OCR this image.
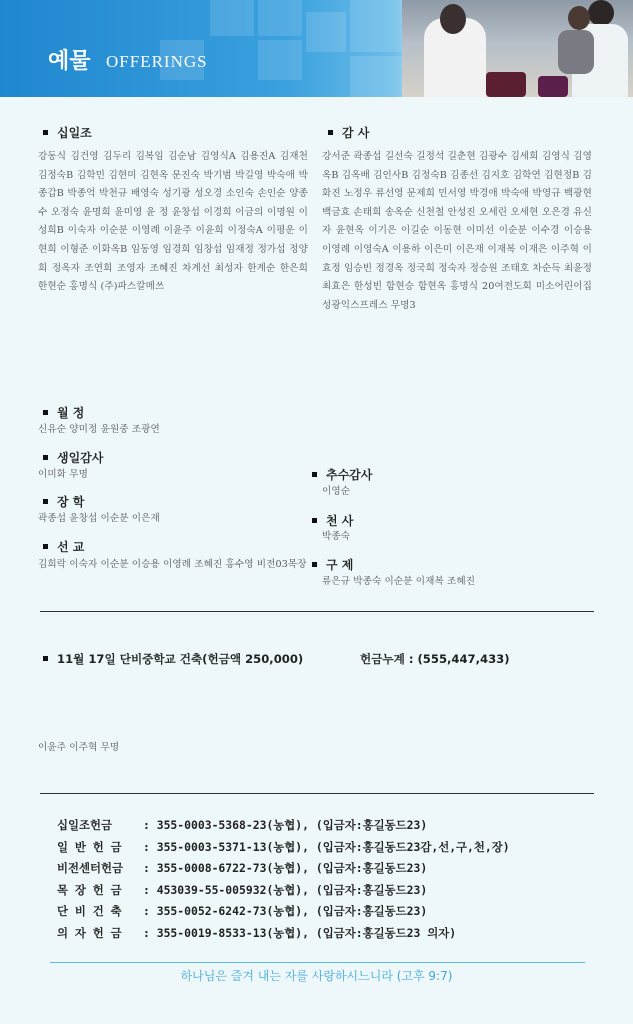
예물 OFFERINGS
십일조
강동식 김건영 김두리 김복임 김순남 김영식A 김용진A 김재천 김정숙B 김학민 김현미 김현옥 문진숙 박기범 박길영 박숙애 박종갑B 박종억 박천규 배영숙 성기광 성오경 소인숙 손인순 양종수 오정숙 윤명희 윤미영 윤 정 윤창섭 이경희 이금의 이명원 이성희B 이숙자 이순분 이영례 이윤주 이윤희 이정숙A 이평운 이현희 이형준 이화옥B 임동영 임경희 임창섭 임재정 정가섭 정양희 정옥자 조연희 조영자 조혜진 차계선 최성자 한계순 한은희 한현순 홍명식 (주)파스칼메쓰
감 사
강서준 곽종섭 길선숙 길정석 길춘현 김광수 김세희 김영식 김영옥B 김옥배 김인사B 김정숙B 김종선 김지호 김학연 김현정B 김화진 노정우 류선영 문제희 민서영 박경애 박숙애 박영규 백광현 백금효 손태희 송옥순 신천철 안성진 오세린 오세현 오은경 유신자 윤현옥 이기은 이길순 이동현 이미선 이순분 이수경 이승용 이영례 이영숙A 이용하 이은미 이은재 이재복 이재은 이주혁 이효정 임승빈 정경옥 정국희 정숙자 정승원 조태호 차순득 최윤정 최효은 한성빈 함현승 함현옥 홍명식 20여전도회 미소어린이집 성광익스프레스 무명3
월 정
신유순 양미정 윤원중 조광연
생일감사
이미화 무명
장 학
곽종섭 윤창섭 이순분 이은재
선 교
김희락 이숙자 이순분 이승용 이영례 조혜진 홍수영 비전03목장
추수감사
이영순
천 사
박종숙
구 제
류은규 박종숙 이순분 이재복 조혜진
11월 17일 단비중학교 건축(헌금액 250,000)	헌금누계 : (555,447,433)
이윤주 이주혁 무명
십일조헌금	: 355-0003-5368-23(농협), (입금자:홍길동드23)
일 반 헌 금 : 355-0003-5371-13(농협), (입금자:홍길동드23감,선,구,천,장)
비전센터헌금 : 355-0008-6722-73(농협), (입금자:홍길동드23)
목 장 헌 금 : 453039-55-005932(농협), (입금자:홍길동드23)
단 비 건 축 : 355-0052-6242-73(농협), (입금자:홍길동드23)
의 자 헌 금 : 355-0019-8533-13(농협), (입금자:홍길동드23 의자)
하나님은 즐겨 내는 자를 사랑하시느니라 (고후 9:7)
